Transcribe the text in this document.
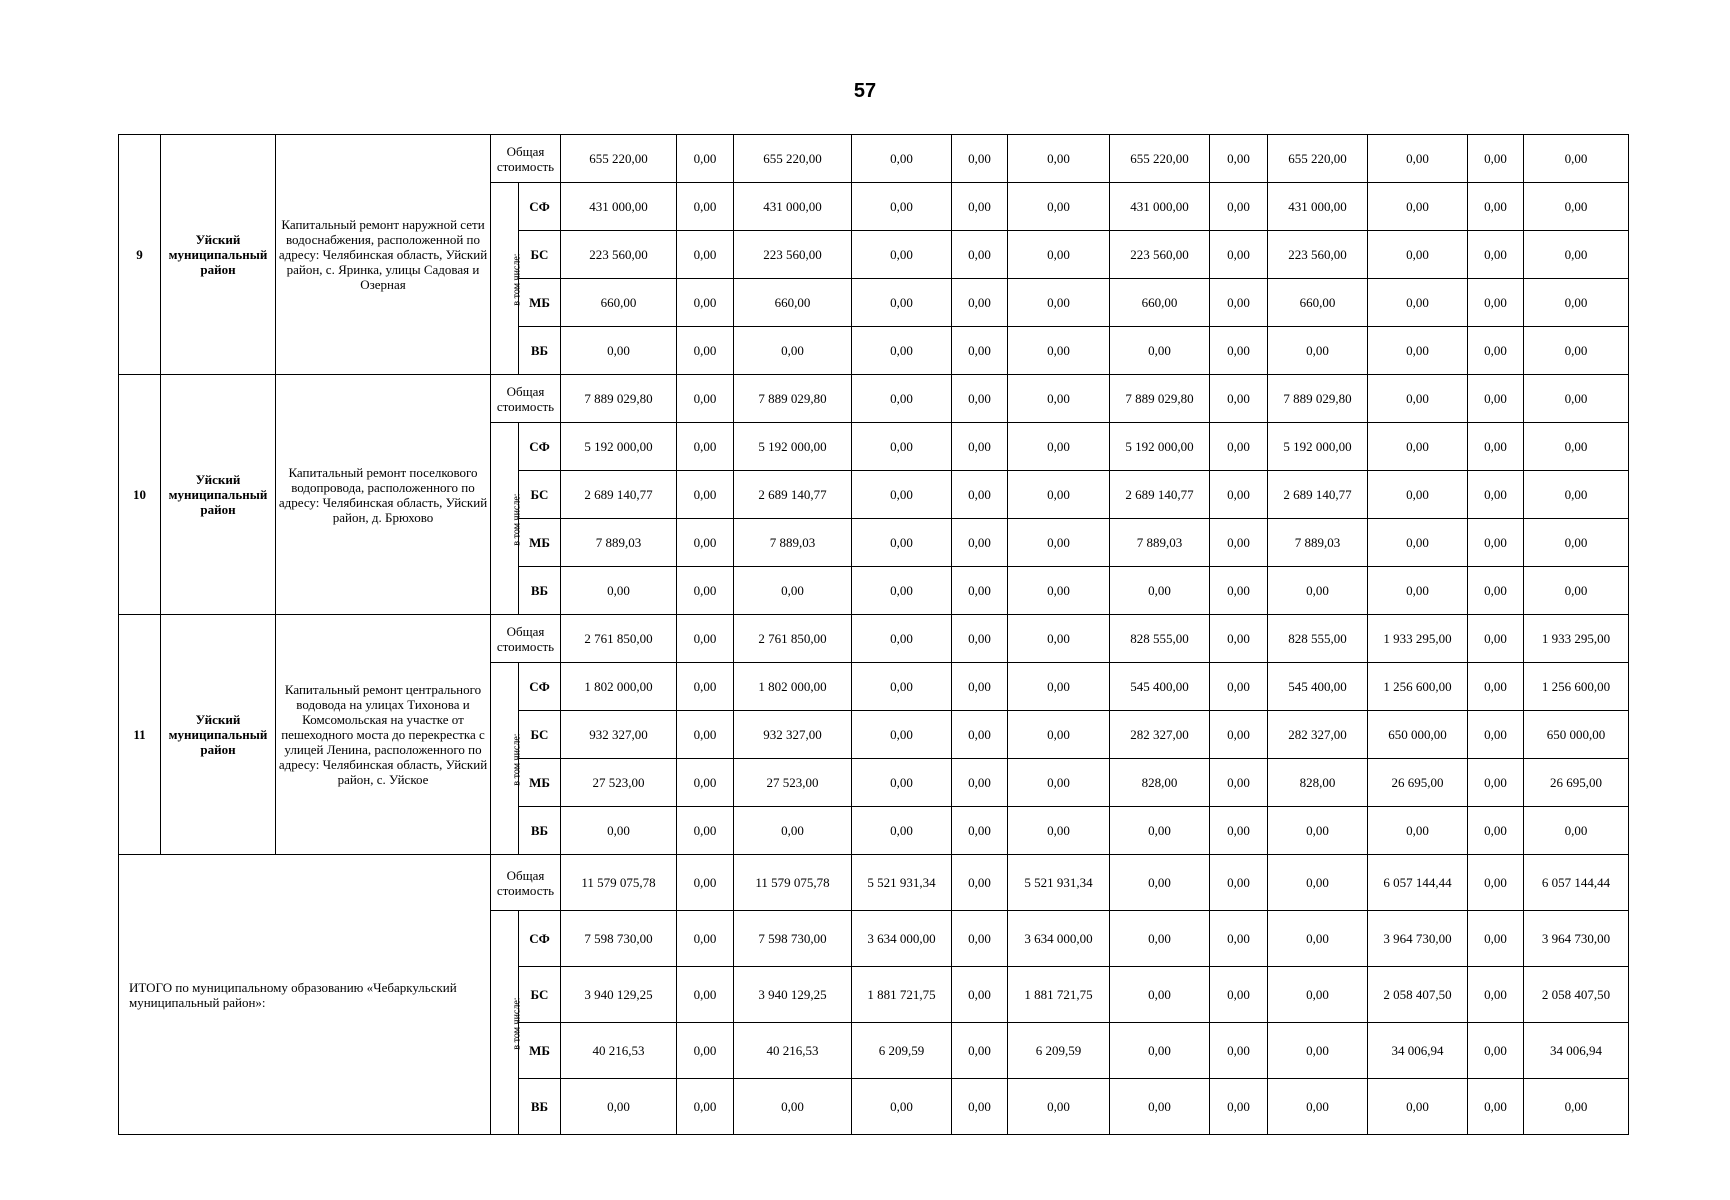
57
9	Уйский муниципальный район	Капитальный ремонт наружной сети водоснабжения, расположенной по адресу: Челябинская область, Уйский район, с. Яринка, улицы Садовая и Озерная	Общая стоимость		655 220,00	0,00	655 220,00	0,00	0,00	0,00	655 220,00	0,00	655 220,00	0,00	0,00	0,00
			в том числе:	СФ	431 000,00	0,00	431 000,00	0,00	0,00	0,00	431 000,00	0,00	431 000,00	0,00	0,00	0,00
				БС	223 560,00	0,00	223 560,00	0,00	0,00	0,00	223 560,00	0,00	223 560,00	0,00	0,00	0,00
				МБ	660,00	0,00	660,00	0,00	0,00	0,00	660,00	0,00	660,00	0,00	0,00	0,00
				ВБ	0,00	0,00	0,00	0,00	0,00	0,00	0,00	0,00	0,00	0,00	0,00	0,00
10	Уйский муниципальный район	Капитальный ремонт поселкового водопровода, расположенного по адресу: Челябинская область, Уйский район, д. Брюхово	Общая стоимость		7 889 029,80	0,00	7 889 029,80	0,00	0,00	0,00	7 889 029,80	0,00	7 889 029,80	0,00	0,00	0,00
			в том числе:	СФ	5 192 000,00	0,00	5 192 000,00	0,00	0,00	0,00	5 192 000,00	0,00	5 192 000,00	0,00	0,00	0,00
				БС	2 689 140,77	0,00	2 689 140,77	0,00	0,00	0,00	2 689 140,77	0,00	2 689 140,77	0,00	0,00	0,00
				МБ	7 889,03	0,00	7 889,03	0,00	0,00	0,00	7 889,03	0,00	7 889,03	0,00	0,00	0,00
				ВБ	0,00	0,00	0,00	0,00	0,00	0,00	0,00	0,00	0,00	0,00	0,00	0,00
11	Уйский муниципальный район	Капитальный ремонт центрального водовода на улицах Тихонова и Комсомольская на участке от пешеходного моста до перекрестка с улицей Ленина, расположенного по адресу: Челябинская область, Уйский район, с. Уйское	Общая стоимость		2 761 850,00	0,00	2 761 850,00	0,00	0,00	0,00	828 555,00	0,00	828 555,00	1 933 295,00	0,00	1 933 295,00
			в том числе:	СФ	1 802 000,00	0,00	1 802 000,00	0,00	0,00	0,00	545 400,00	0,00	545 400,00	1 256 600,00	0,00	1 256 600,00
				БС	932 327,00	0,00	932 327,00	0,00	0,00	0,00	282 327,00	0,00	282 327,00	650 000,00	0,00	650 000,00
				МБ	27 523,00	0,00	27 523,00	0,00	0,00	0,00	828,00	0,00	828,00	26 695,00	0,00	26 695,00
				ВБ	0,00	0,00	0,00	0,00	0,00	0,00	0,00	0,00	0,00	0,00	0,00	0,00
ИТОГО по муниципальному образованию «Чебаркульский муниципальный район»:			Общая стоимость		11 579 075,78	0,00	11 579 075,78	5 521 931,34	0,00	5 521 931,34	0,00	0,00	0,00	6 057 144,44	0,00	6 057 144,44
			в том числе:	СФ	7 598 730,00	0,00	7 598 730,00	3 634 000,00	0,00	3 634 000,00	0,00	0,00	0,00	3 964 730,00	0,00	3 964 730,00
				БС	3 940 129,25	0,00	3 940 129,25	1 881 721,75	0,00	1 881 721,75	0,00	0,00	0,00	2 058 407,50	0,00	2 058 407,50
				МБ	40 216,53	0,00	40 216,53	6 209,59	0,00	6 209,59	0,00	0,00	0,00	34 006,94	0,00	34 006,94
				ВБ	0,00	0,00	0,00	0,00	0,00	0,00	0,00	0,00	0,00	0,00	0,00	0,00
